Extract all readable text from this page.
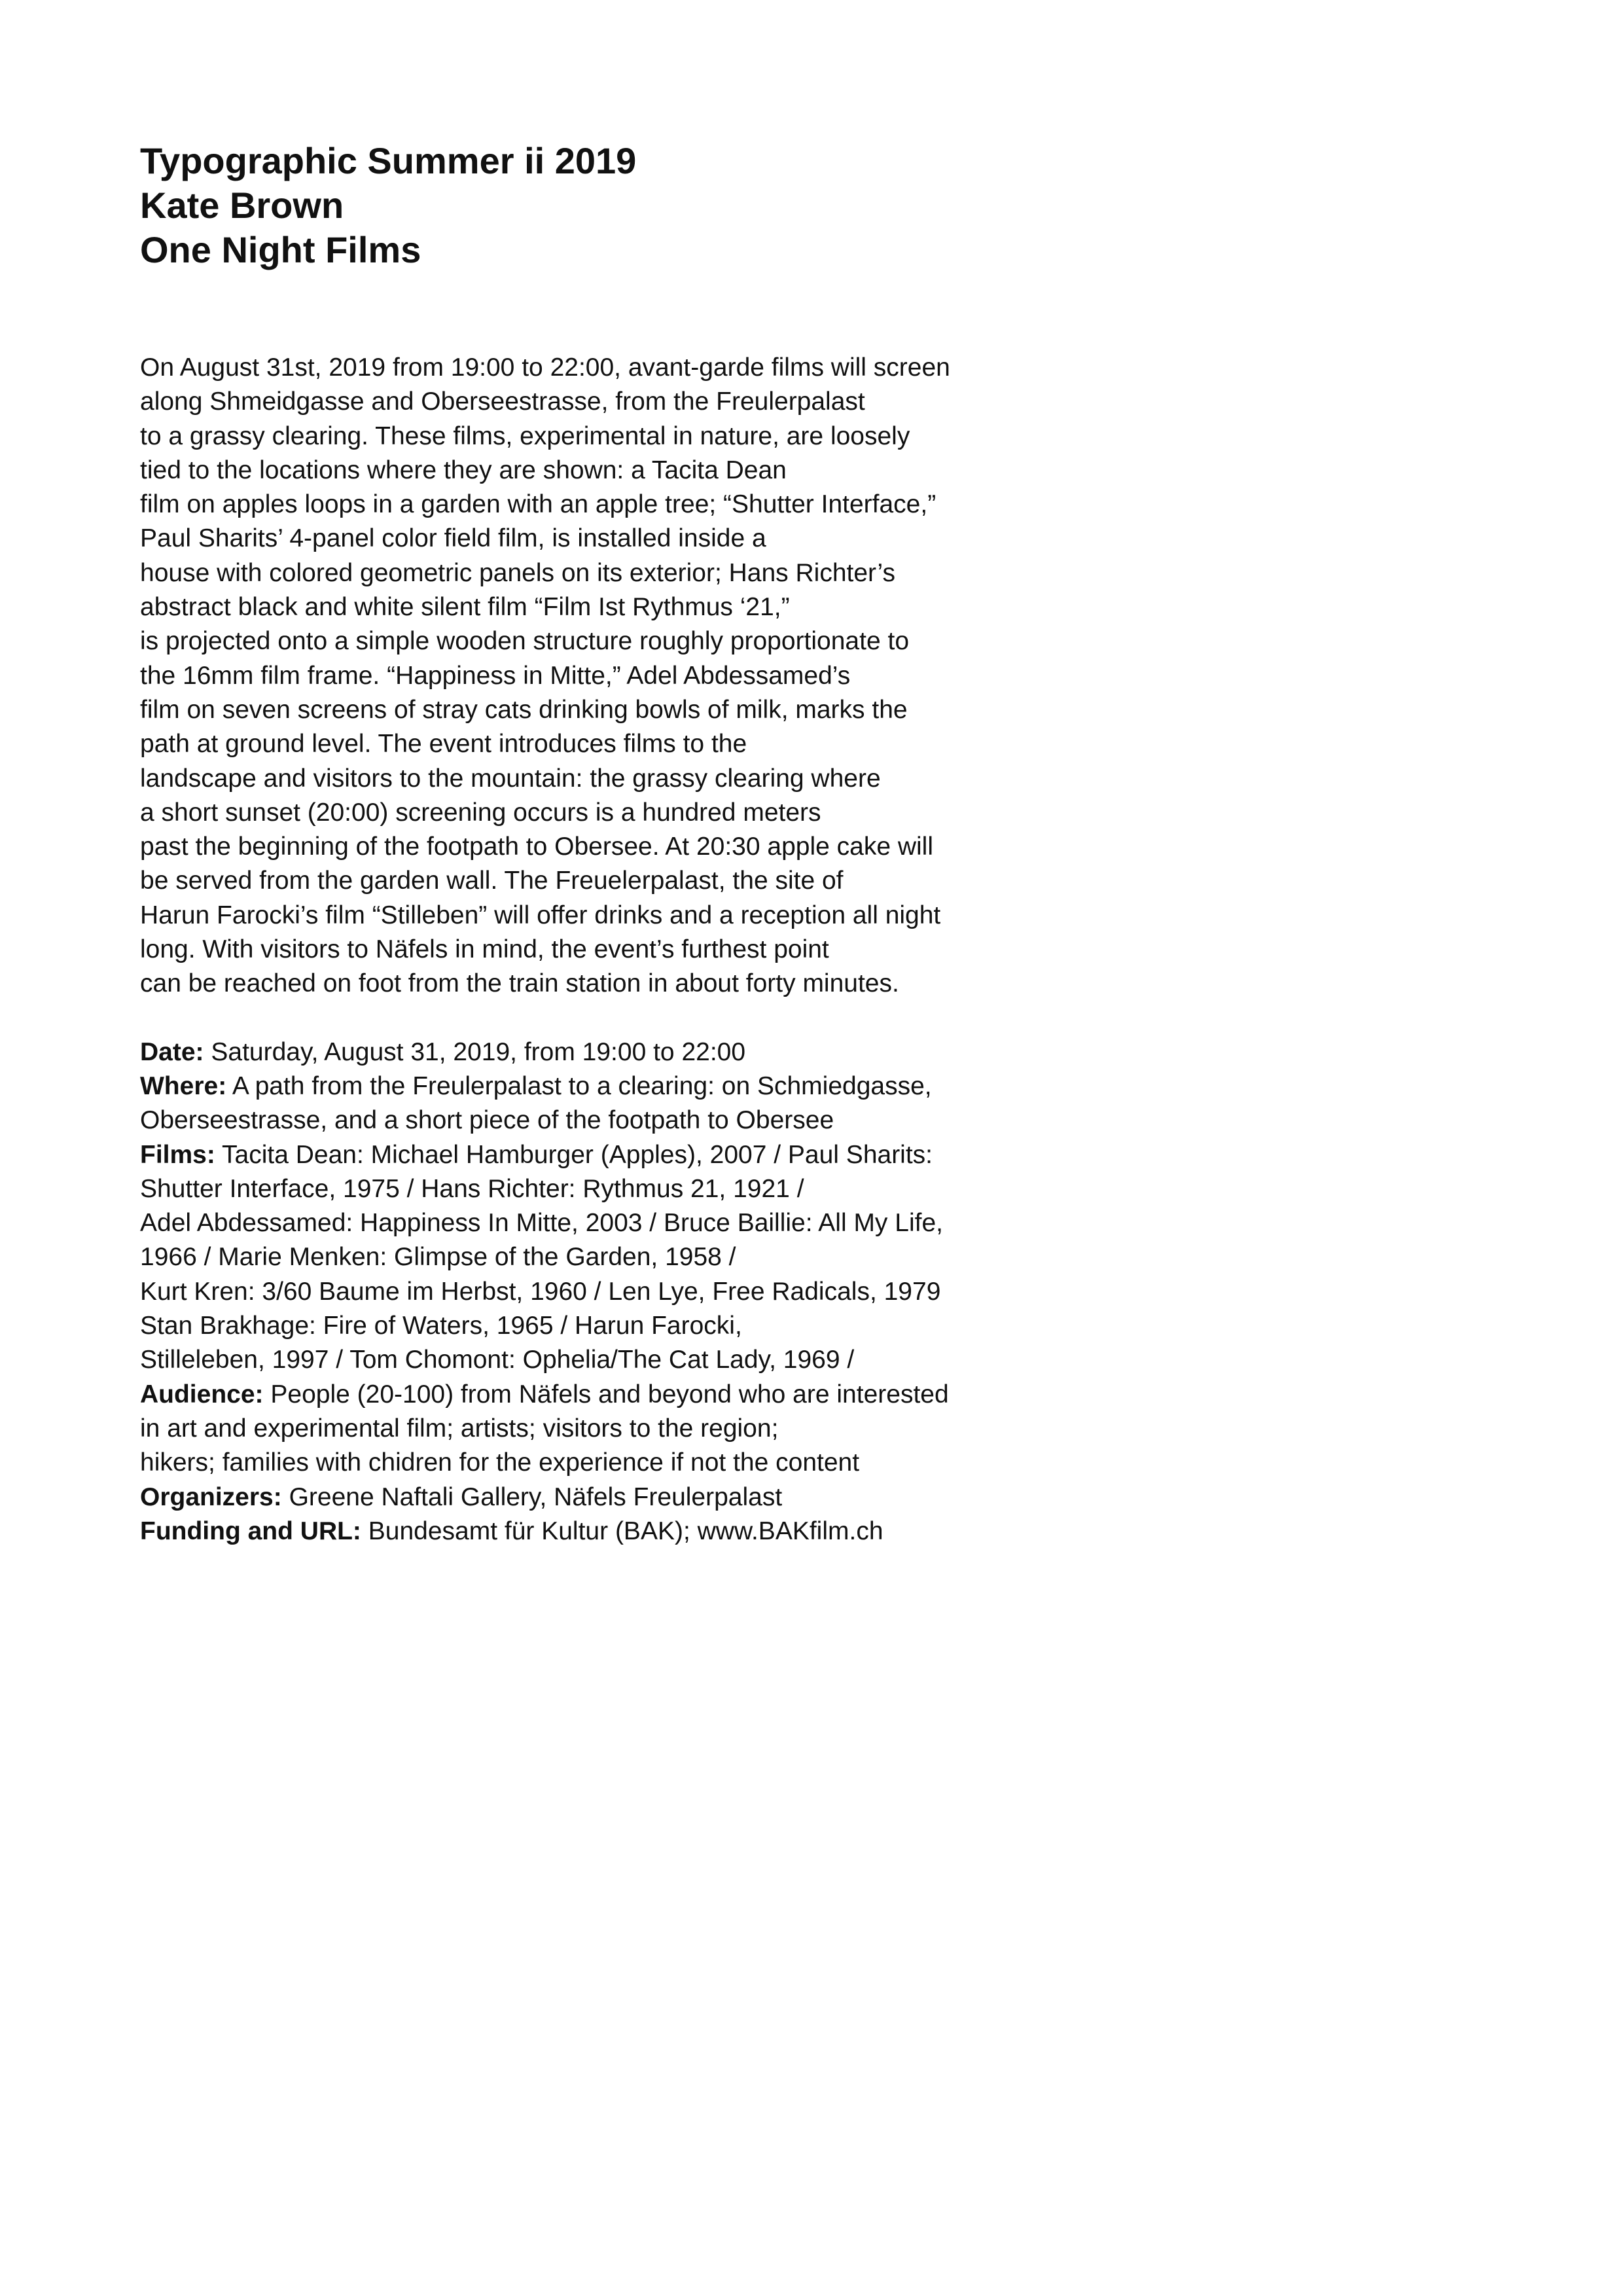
Typographic Summer ii 2019
Kate Brown
One Night Films
On August 31st, 2019 from 19:00 to 22:00, avant-garde films will screen
along Shmeidgasse and Oberseestrasse, from the Freulerpalast
to a grassy clearing. These films, experimental in nature, are loosely
tied to the locations where they are shown: a Tacita Dean
film on apples loops in a garden with an apple tree; “Shutter Interface,”
Paul Sharits’ 4-panel color field film, is installed inside a
house with colored geometric panels on its exterior; Hans Richter’s
abstract black and white silent film “Film Ist Rythmus ‘21,”
is projected onto a simple wooden structure roughly proportionate to
the 16mm film frame. “Happiness in Mitte,” Adel Abdessamed’s
film on seven screens of stray cats drinking bowls of milk, marks the
path at ground level. The event introduces films to the
landscape and visitors to the mountain: the grassy clearing where
a short sunset (20:00) screening occurs is a hundred meters
past the beginning of the footpath to Obersee. At 20:30 apple cake will
be served from the garden wall. The Freuelerpalast, the site of
Harun Farocki’s film “Stilleben” will offer drinks and a reception all night
long. With visitors to Näfels in mind, the event’s furthest point
can be reached on foot from the train station in about forty minutes.
Date: Saturday, August 31, 2019, from 19:00 to 22:00
Where: A path from the Freulerpalast to a clearing: on Schmiedgasse,
Oberseestrasse, and a short piece of the footpath to Obersee
Films: Tacita Dean: Michael Hamburger (Apples), 2007 / Paul Sharits:
Shutter Interface, 1975 / Hans Richter: Rythmus 21, 1921 /
Adel Abdessamed: Happiness In Mitte, 2003 / Bruce Baillie: All My Life,
1966 / Marie Menken: Glimpse of the Garden, 1958 /
Kurt Kren: 3/60 Baume im Herbst, 1960 / Len Lye, Free Radicals, 1979
Stan Brakhage: Fire of Waters, 1965 / Harun Farocki,
Stilleleben, 1997 / Tom Chomont: Ophelia/The Cat Lady, 1969 /
Audience: People (20-100) from Näfels and beyond who are interested
in art and experimental film; artists; visitors to the region;
hikers; families with chidren for the experience if not the content
Organizers: Greene Naftali Gallery, Näfels Freulerpalast
Funding and URL: Bundesamt für Kultur (BAK); www.BAKfilm.ch
